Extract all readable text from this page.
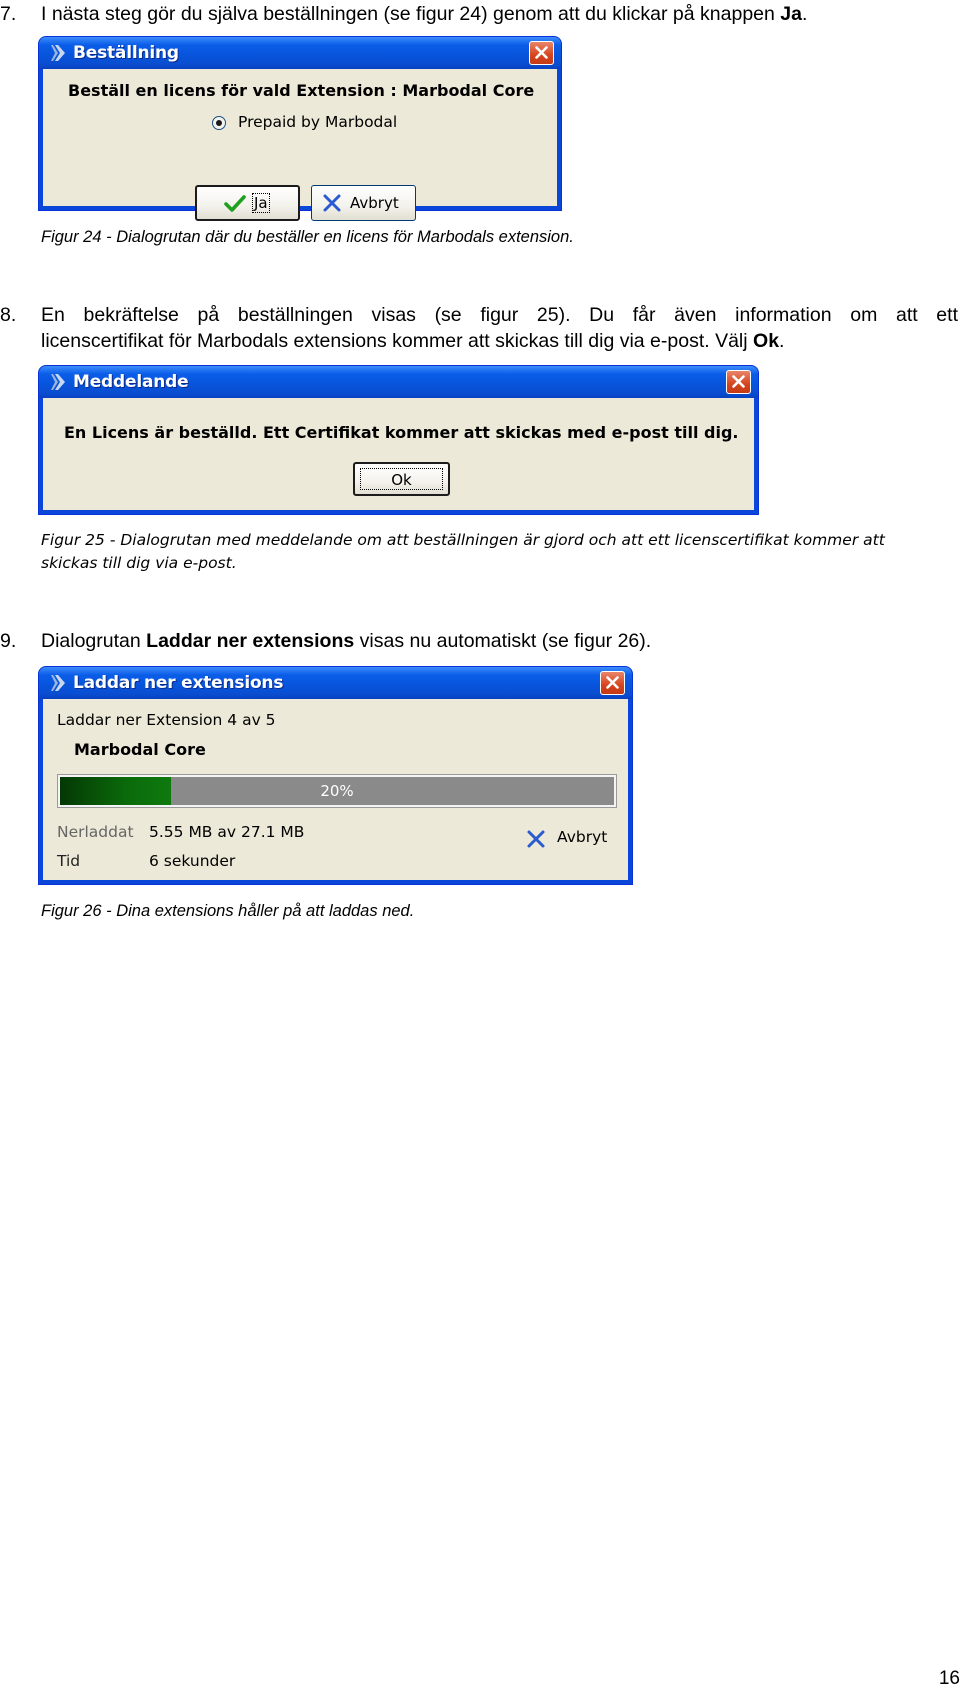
7. I nästa steg gör du själva beställningen (se figur 24) genom att du klickar på knappen Ja.
Beställning
Beställ en licens för vald Extension : Marbodal Core
Prepaid by Marbodal
Ja	Avbryt
Figur 24 - Dialogrutan där du beställer en licens för Marbodals extension.
8. En bekräftelse på beställningen visas (se figur 25). Du får även information om att ett
licenscertifikat för Marbodals extensions kommer att skickas till dig via e-post. Välj Ok.
Meddelande
En Licens är beställd. Ett Certifikat kommer att skickas med e-post till dig.
Ok
Figur 25 - Dialogrutan med meddelande om att beställningen är gjord och att ett licenscertifikat kommer att skickas till dig via e-post.
9. Dialogrutan Laddar ner extensions visas nu automatiskt (se figur 26).
Laddar ner extensions
Laddar ner Extension 4 av 5
Marbodal Core
20%
Nerladdat 5.55 MB av 27.1 MB
Tid	6 sekunder
Avbryt
Figur 26 - Dina extensions håller på att laddas ned.
16
